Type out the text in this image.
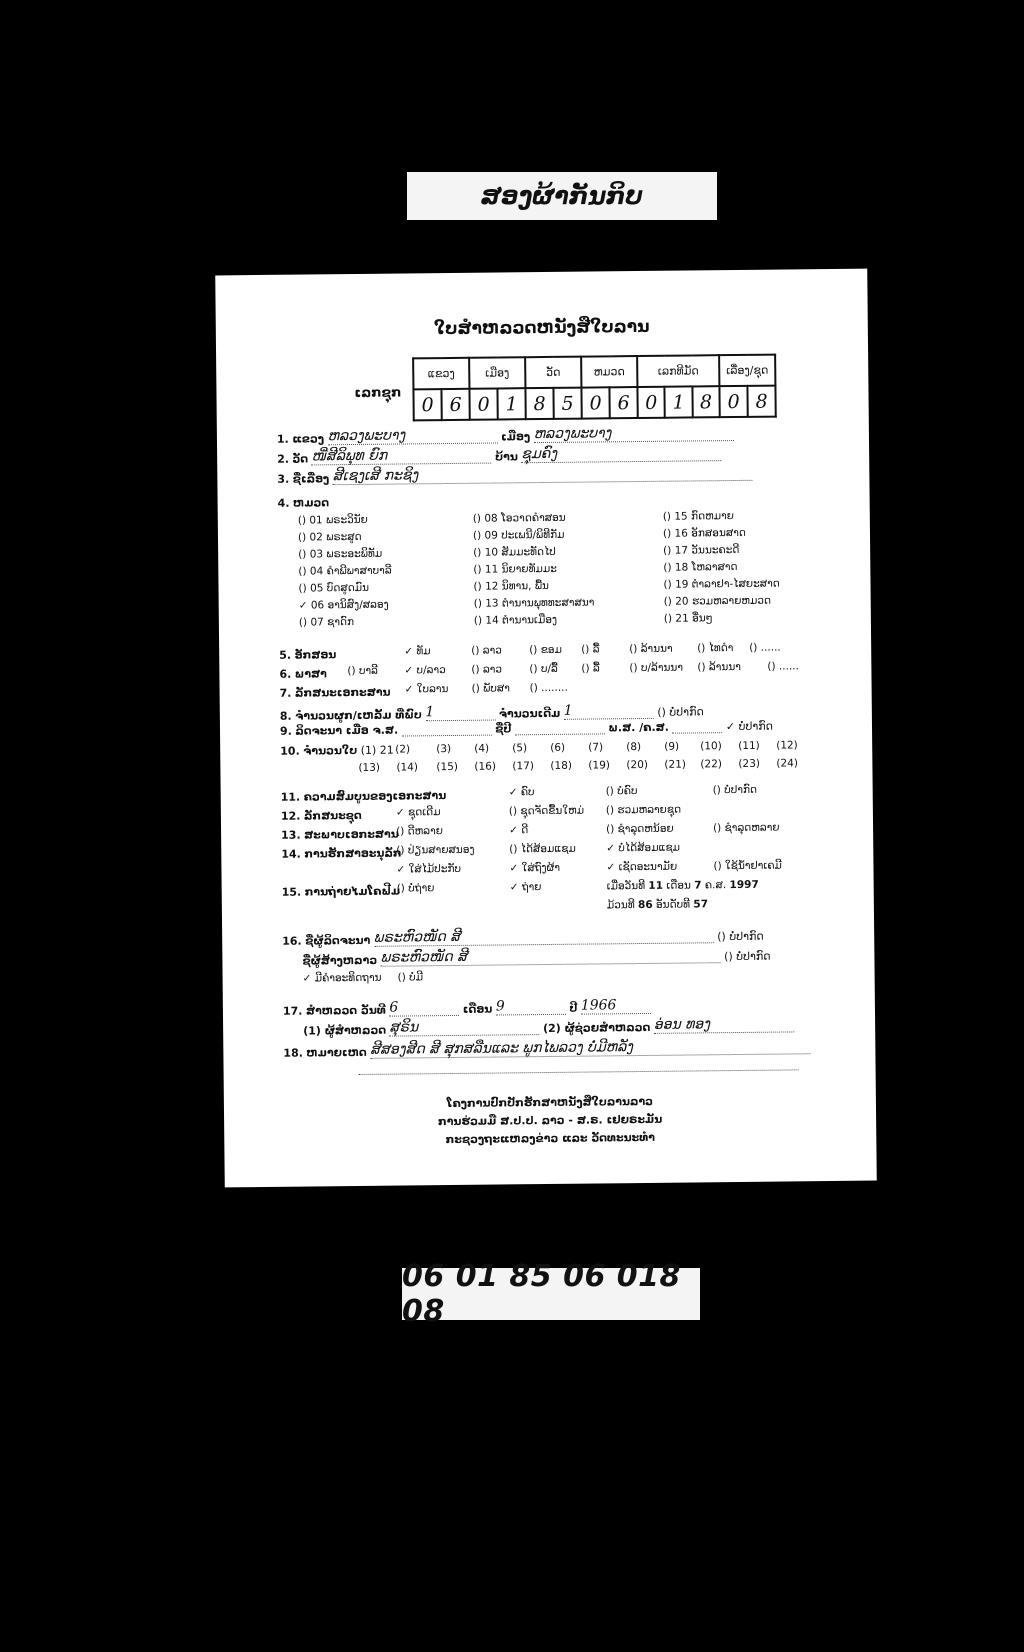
ສອງຜ້າກັນກິບ
ໃບສໍາຫລວດຫນັງສືໃບລານ
ເລກຊຸກ
ແຂວງ		ເມືອງ		ວັດ		ຫມວດ		ເລກທີມັດ			ເລື່ອງ/ຊຸດ	
0	6	0	1	8	5	0	6	0	1	8	0	8
1. ແຂວງ ຫລວງພະບາງ	ເມືອງ ຫລວງພະບາງ
2. ວັດ ໜີ່ສີລິພຸທ ຍົກ	ບ້ານ ຊຸມຄົງ
3. ຊື່ເລື່ອງ ສີເຊງເສີ ກະຊິງ
4. ຫມວດ
() 01 ພຣະວິນັຍ
() 02 ພຣະສູດ
() 03 ພຣະອະພິທັມ
() 04 ຄໍາພີພາສາບາລີ
() 05 ບົດສູດມົນ
✓ 06 ອານິສົງ/ສລອງ
() 07 ຊາດົກ
() 08 ໂອວາດຄໍາສອນ
() 09 ປະເພນີ/ພິທີກັມ
() 10 ສັມມະທັດໄປ
() 11 ນິຍາຍທັມມະ
() 12 ນິທານ, ພື້ນ
() 13 ຕໍານານພຸທທະສາສນາ
() 14 ຕໍານານເມືອງ
() 15 ກົດຫມາຍ
() 16 ອັກສອນສາດ
() 17 ວັນນະຄະດີ
() 18 ໂຫລາສາດ
() 19 ຕໍາລາຢາ-ໄສຍະສາດ
() 20 ຮວມຫລາຍຫມວດ
() 21 ອື່ນໆ
5. ອັກສອນ	✓ ທັມ	() ລາວ	() ຂອມ () ລື້	() ລ້ານນາ () ໄທດໍາ () ......
6. ພາສາ () ບາລີ	✓ ບ/ລາວ () ລາວ	() ບ/ລື້ () ລື້	() ບ/ລ້ານນາ () ລ້ານນາ	() ......
7. ລັກສນະເອກະສານ ✓ ໃບລານ () ພັບສາ () ........
8. ຈໍານວນຜູກ/ເຫລັ້ມ ທີ່ພົບ 1	ຈໍານວນເດີມ 1	() ບໍ່ປາກົດ
9. ລິດຈະນາ ເມື່ອ ຈ.ສ.	ຊື່ປີ	ພ.ສ. /ຄ.ສ.	✓ ບໍ່ປາກົດ
10. ຈໍານວນໃບ (1) 21 (2) (3) (4) (5) (6) (7) (8) (9) (10) (11) (12)
(13) (14) (15) (16) (17) (18) (19) (20) (21) (22) (23) (24)
11. ຄວາມສົມບູນຂອງເອກະສານ	✓ ຄົບ	() ບໍ່ຄົບ	() ບໍ່ປາກົດ
12. ລັກສນະຊຸດ	✓ ຊຸດເດີມ	() ຊຸດຈັດຂື້ນໃຫມ່ () ຮວມຫລາຍຊຸດ
13. ສະພາບເອກະສານ
() ດີຫລາຍ	✓ ດີ	() ຊໍາລຸດຫນ້ອຍ	() ຊໍາລຸດຫລາຍ
14. ການຮັກສາອະນຸລັກ
() ປ່ຽນສາຍສນອງ	() ໄດ້ສ້ອມແຊມ	✓ ບໍ່ໄດ້ສ້ອມແຊມ
✓ ໃສ່ໄມ້ປະກັບ	✓ ໃສ່ຖົງຜ້າ	✓ ເຊັດອະນາມັຍ	() ໃຊ້ນ້ຳຢາເຄມີ
15. ການຖ່າຍໄມໂຄຟີມ
() ບໍ່ຖ່າຍ	✓ ຖ່າຍ	ເມື່ອວັນທີ 11 ເດືອນ 7 ຄ.ສ. 1997
ມ້ວນທີ 86 ອັນດັບທີ 57
16. ຊື່ຜູ້ລິດຈະນາ ພຣະຫົວໜັດ ສີ	() ບໍ່ປາກົດ
ຊື່ຜູ້ສ້າງຫລາວ ພຣະຫົວໜັດ ສີ	() ບໍ່ປາກົດ
✓ ມີຄໍາອະທິດຖານ () ບໍ່ມີ
17. ສໍາຫລວດ ວັນທີ 6	ເດືອນ 9	ປີ 1966
(1) ຜູ້ສໍາຫລວດ ສຸຣິນ	(2) ຜູ້ຊ່ວຍສໍາຫລວດ ອ່ອນ ທອງ
18. ຫມາຍເຫດ ສີສອງສີດ ສີ ສຸກສລືນແລະ ພູກໄພລວງ ບໍ່ມີຫລັງ
ໂຄງການປົກປັກຮັກສາຫນັງສືໃບລານລາວ
ການຮ່ວມມື ສ.ປ.ປ. ລາວ - ສ.ຣ. ເຢຍຣະມັນ
ກະຊວງຖະແຫລງຂ່າວ ແລະ ວັດທະນະທໍາ
06 01 85 06 018 08
